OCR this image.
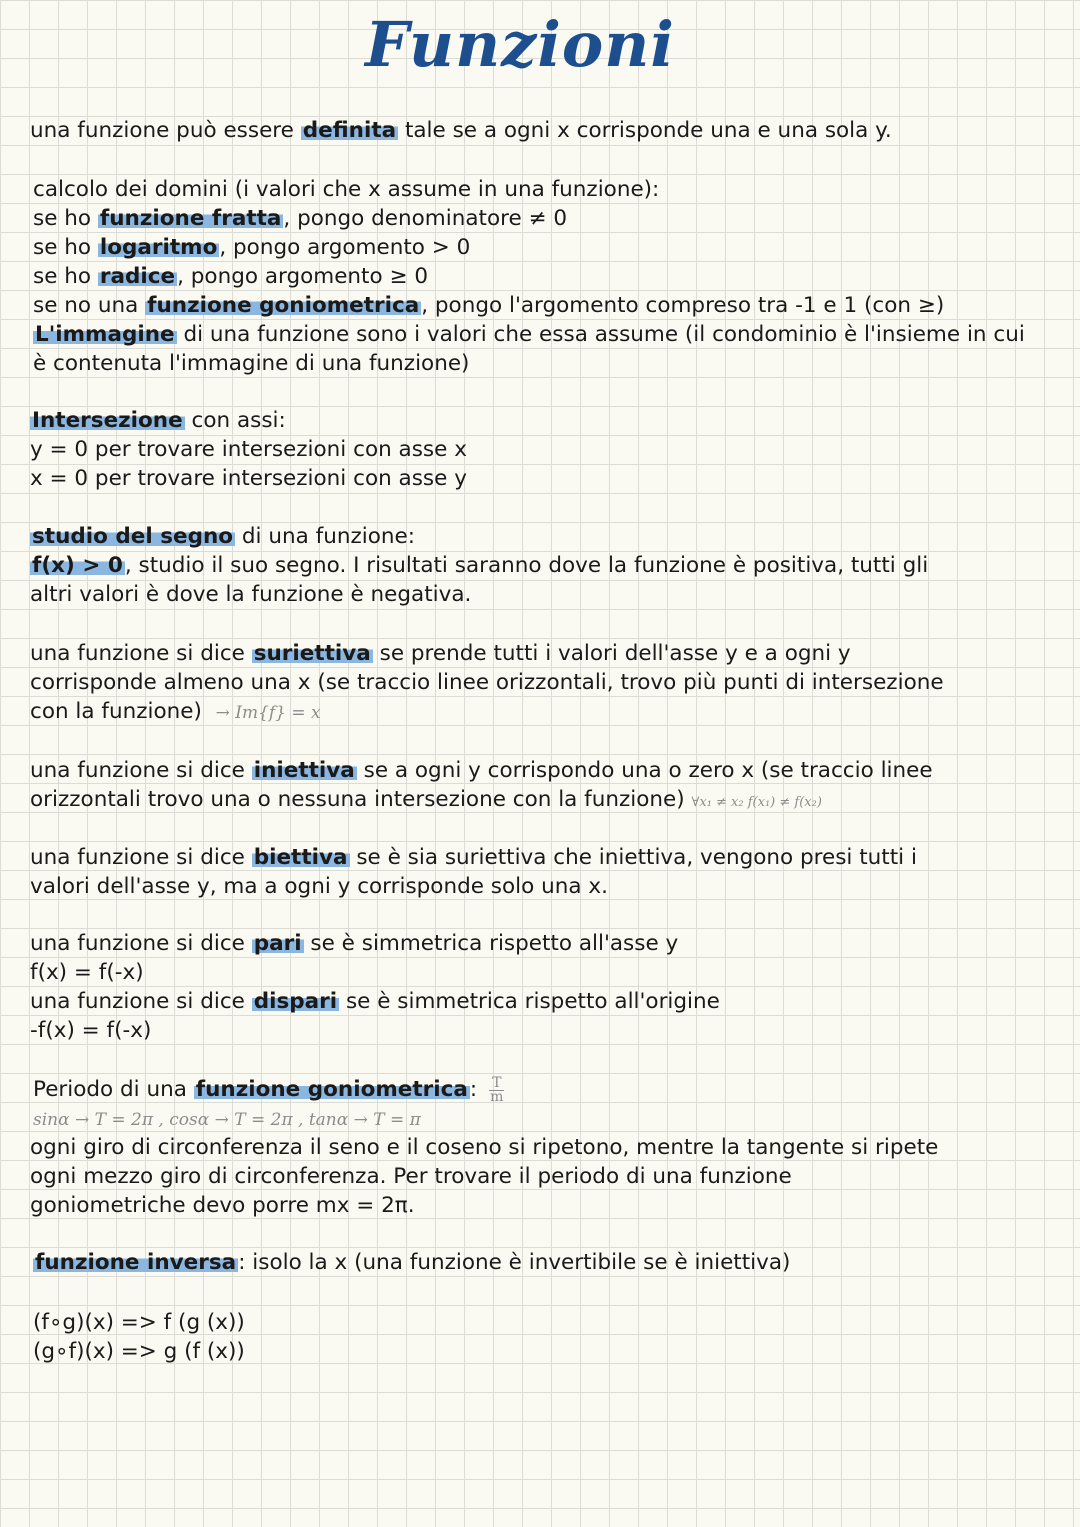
Funzioni
una funzione può essere definita tale se a ogni x corrisponde una e una sola y.
calcolo dei domini (i valori che x assume in una funzione):
se ho funzione fratta, pongo denominatore ≠ 0
se ho logaritmo, pongo argomento > 0
se ho radice, pongo argomento ≥ 0
se no una funzione goniometrica, pongo l'argomento compreso tra -1 e 1 (con ≥)
L'immagine di una funzione sono i valori che essa assume (il condominio è l'insieme in cui
è contenuta l'immagine di una funzione)
Intersezione con assi:
y = 0 per trovare intersezioni con asse x
x = 0 per trovare intersezioni con asse y
studio del segno di una funzione:
f(x) > 0, studio il suo segno. I risultati saranno dove la funzione è positiva, tutti gli
altri valori è dove la funzione è negativa.
una funzione si dice suriettiva se prende tutti i valori dell'asse y e a ogni y
corrisponde almeno una x (se traccio linee orizzontali, trovo più punti di intersezione
con la funzione) → Im{f} = x
una funzione si dice iniettiva se a ogni y corrispondo una o zero x (se traccio linee
orizzontali trovo una o nessuna intersezione con la funzione) ∀x₁ ≠ x₂ f(x₁) ≠ f(x₂)
una funzione si dice biettiva se è sia suriettiva che iniettiva, vengono presi tutti i
valori dell'asse y, ma a ogni y corrisponde solo una x.
una funzione si dice pari se è simmetrica rispetto all'asse y
f(x) = f(-x)
una funzione si dice dispari se è simmetrica rispetto all'origine
-f(x) = f(-x)
Periodo di una funzione goniometrica: $\frac{T}{m}$
sinα → T = 2π , cosα → T = 2π , tanα → T = π
ogni giro di circonferenza il seno e il coseno si ripetono, mentre la tangente si ripete
ogni mezzo giro di circonferenza. Per trovare il periodo di una funzione
goniometriche devo porre mx = 2π.
funzione inversa: isolo la x (una funzione è invertibile se è iniettiva)
(f∘g)(x) => f (g (x))
(g∘f)(x) => g (f (x))
